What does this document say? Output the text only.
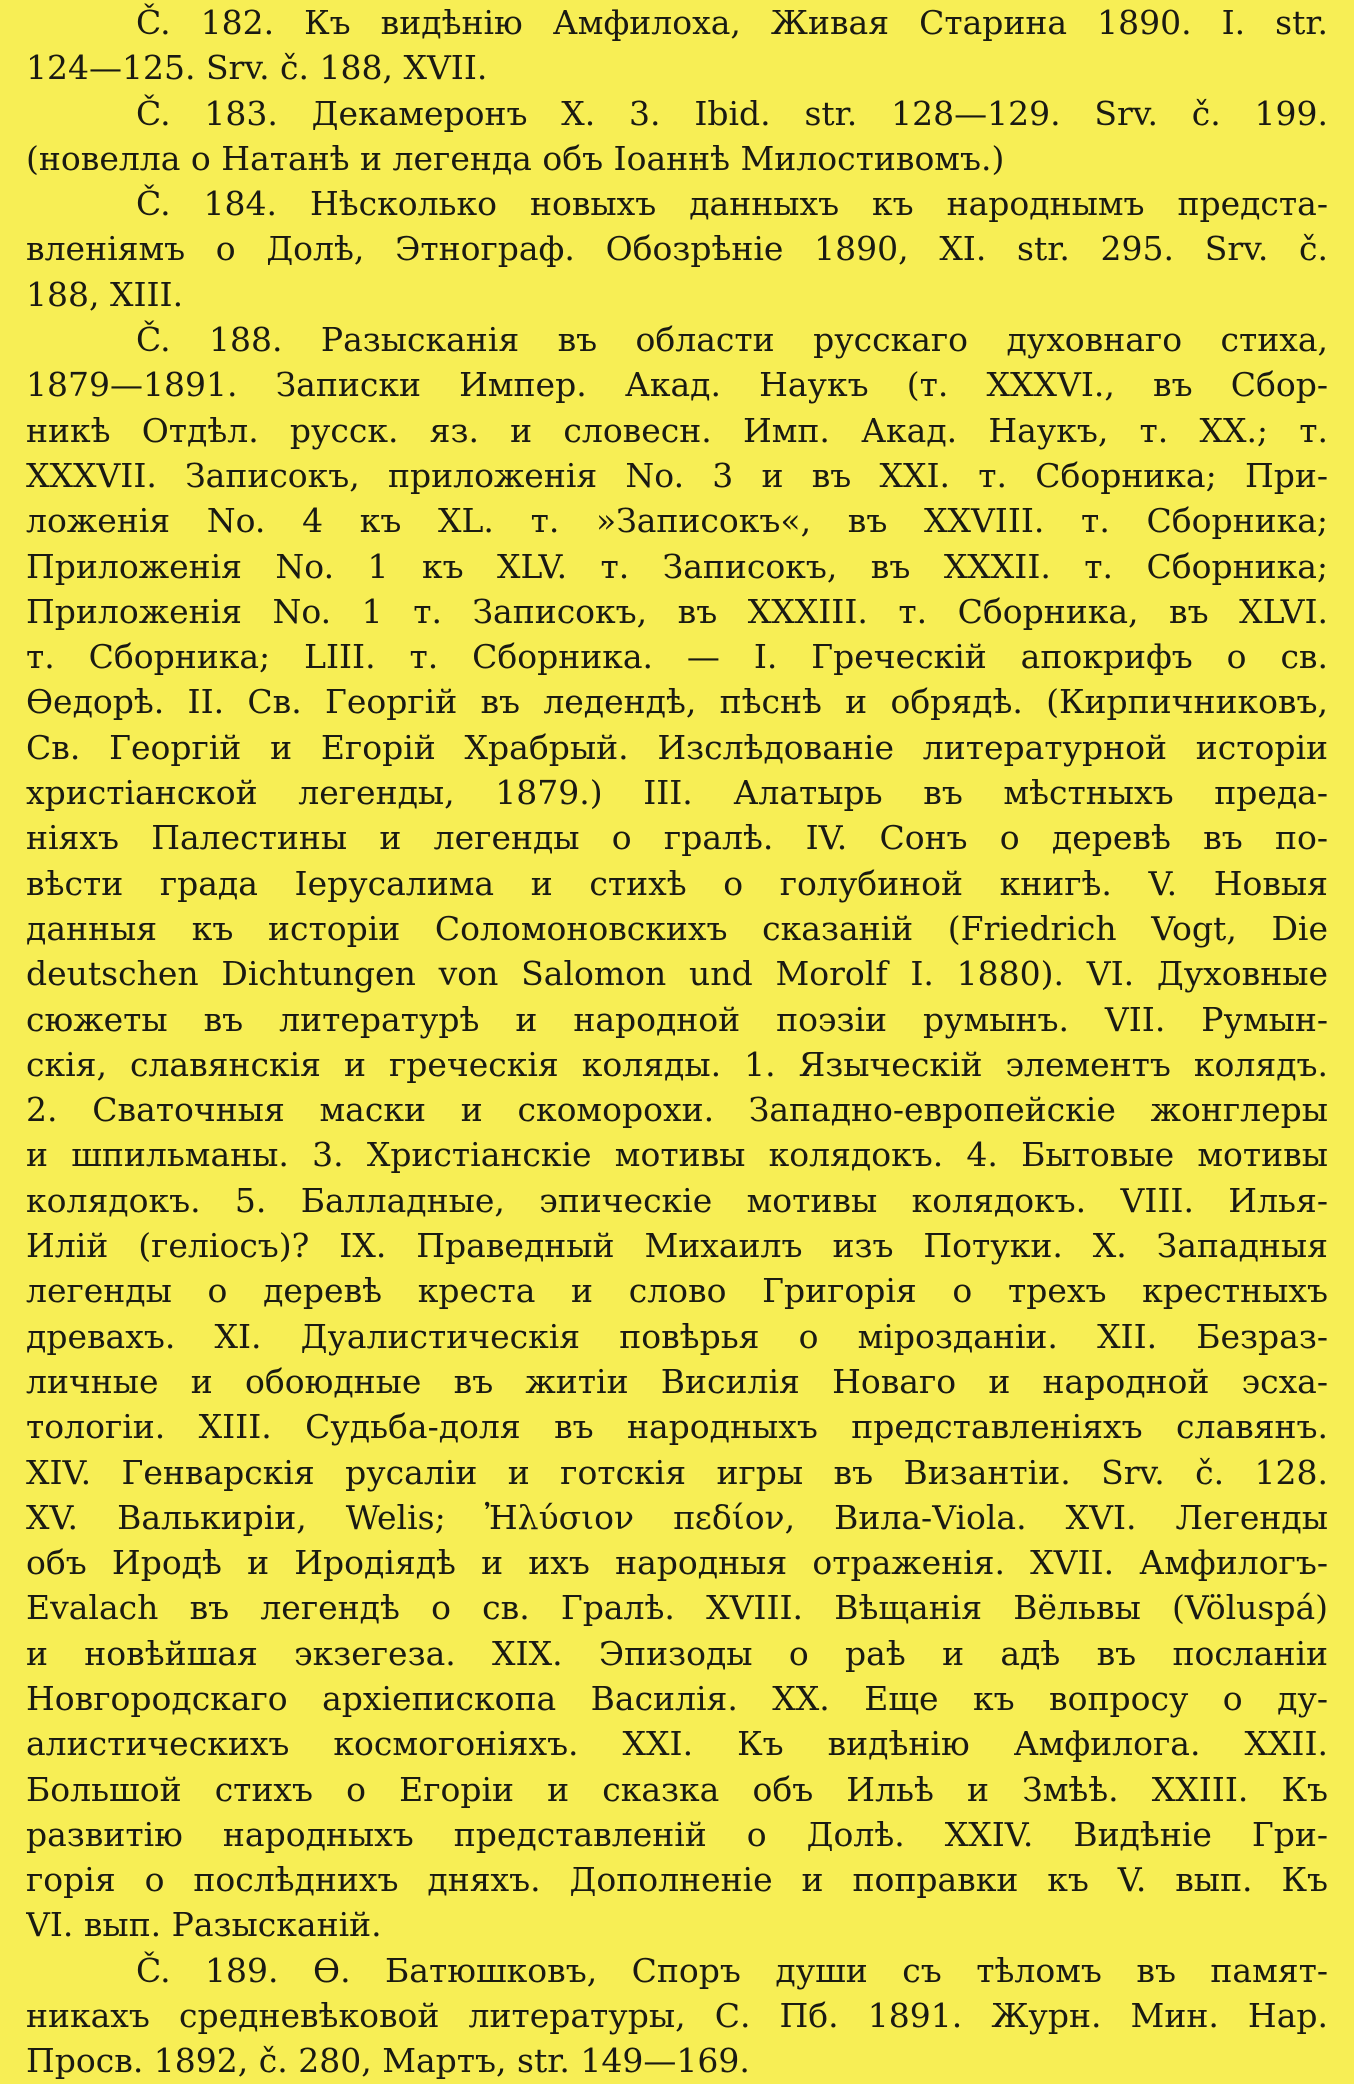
Č. 182. Къ видѣнію Амфилоха, Живая Старина 1890. I. str.
124—125. Srv. č. 188, XVII.
Č. 183. Декамеронъ X. 3. Ibid. str. 128—129. Srv. č. 199.
(новелла о Натанѣ и легенда объ Іоаннѣ Милостивомъ.)
Č. 184. Нѣсколько новыхъ данныхъ къ народнымъ предста-
вленіямъ о Долѣ, Этнограф. Обозрѣніе 1890, XI. str. 295. Srv. č.
188, XIII.
Č. 188. Разысканія въ области русскаго духовнаго стиха,
1879—1891. Записки Импер. Акад. Наукъ (т. XXXVI., въ Сбор-
никѣ Отдѣл. русск. яз. и словесн. Имп. Акад. Наукъ, т. XX.; т.
XXXVII. Записокъ, приложенія No. 3 и въ XXI. т. Сборника; При-
ложенія No. 4 къ XL. т. »Записокъ«, въ XXVIII. т. Сборника;
Приложенія No. 1 къ XLV. т. Записокъ, въ XXXII. т. Сборника;
Приложенія No. 1 т. Записокъ, въ XXXIII. т. Сборника, въ XLVI.
т. Сборника; LIII. т. Сборника. — I. Греческій апокрифъ о св.
Өедорѣ. II. Св. Георгій въ ледендѣ, пѣснѣ и обрядѣ. (Кирпичниковъ,
Св. Георгій и Егорій Храбрый. Изслѣдованіе литературной исторіи
христіанской легенды, 1879.) III. Алатырь въ мѣстныхъ преда-
ніяхъ Палестины и легенды о гралѣ. IV. Сонъ о деревѣ въ по-
вѣсти града Іерусалима и стихѣ о голубиной книгѣ. V. Новыя
данныя къ исторіи Соломоновскихъ сказаній (Friedrich Vogt, Die
deutschen Dichtungen von Salomon und Morolf I. 1880). VI. Духовные
сюжеты въ литературѣ и народной поэзіи румынъ. VII. Румын-
скія, славянскія и греческія коляды. 1. Языческій элементъ колядъ.
2. Сваточныя маски и скоморохи. Западно-европейскіе жонглеры
и шпильманы. 3. Христіанскіе мотивы колядокъ. 4. Бытовые мотивы
колядокъ. 5. Балладные, эпическіе мотивы колядокъ. VIII. Илья-
Илій (геліосъ)? IX. Праведный Михаилъ изъ Потуки. X. Западныя
легенды о деревѣ креста и слово Григорія о трехъ крестныхъ
древахъ. XI. Дуалистическія повѣрья о мірозданіи. XII. Безраз-
личные и обоюдные въ житіи Висилія Новаго и народной эсха-
тологіи. XIII. Судьба-доля въ народныхъ представленіяхъ славянъ.
XIV. Генварскія русаліи и готскія игры въ Византіи. Srv. č. 128.
XV. Валькиріи, Welis; Ἠλύσιον πεδίον, Вила-Viola. XVI. Легенды
объ Иродѣ и Иродіядѣ и ихъ народныя отраженія. XVII. Амфилогъ-
Evalach въ легендѣ о св. Гралѣ. XVIII. Вѣщанія Вёльвы (Völuspá)
и новѣйшая экзегеза. XIX. Эпизоды о раѣ и адѣ въ посланіи
Новгородскаго архіепископа Василія. XX. Еще къ вопросу о ду-
алистическихъ космогоніяхъ. XXI. Къ видѣнію Амфилога. XXII.
Большой стихъ о Егоріи и сказка объ Ильѣ и Змѣѣ. XXIII. Къ
развитію народныхъ представленій о Долѣ. XXIV. Видѣніе Гри-
горія о послѣднихъ дняхъ. Дополненіе и поправки къ V. вып. Къ
VI. вып. Разысканій.
Č. 189. Ө. Батюшковъ, Споръ души съ тѣломъ въ памят-
никахъ средневѣковой литературы, С. Пб. 1891. Журн. Мин. Нар.
Просв. 1892, č. 280, Мартъ, str. 149—169.
